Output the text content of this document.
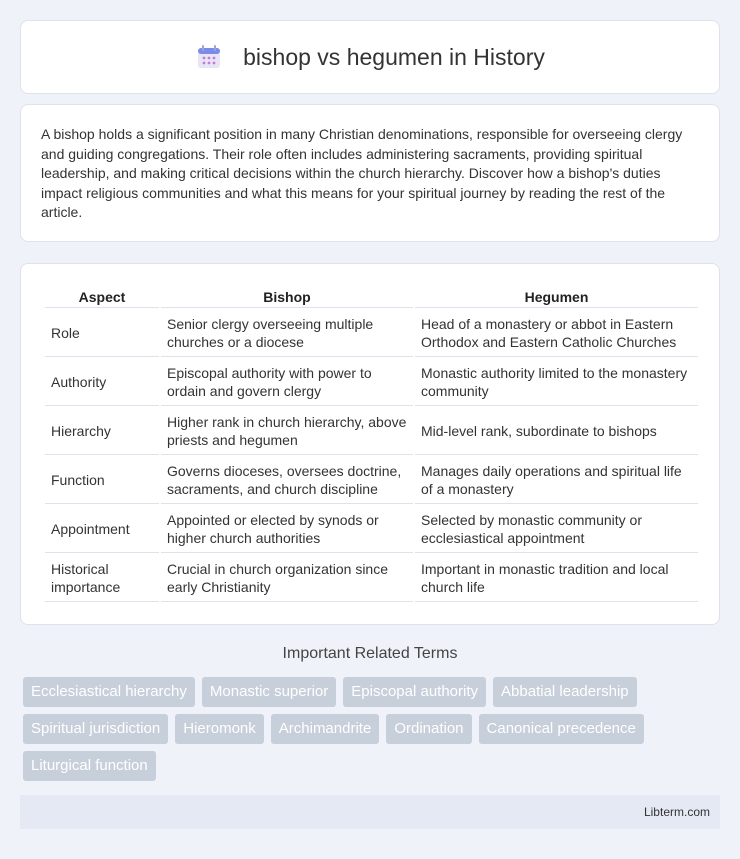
bishop vs hegumen in History

A bishop holds a significant position in many Christian denominations, responsible for overseeing clergy and guiding congregations. Their role often includes administering sacraments, providing spiritual leadership, and making critical decisions within the church hierarchy. Discover how a bishop's duties impact religious communities and what this means for your spiritual journey by reading the rest of the article.

Aspect	Bishop	Hegumen
Role	Senior clergy overseeing multiple churches or a diocese	Head of a monastery or abbot in Eastern Orthodox and Eastern Catholic Churches
Authority	Episcopal authority with power to ordain and govern clergy	Monastic authority limited to the monastery community
Hierarchy	Higher rank in church hierarchy, above priests and hegumen	Mid-level rank, subordinate to bishops
Function	Governs dioceses, oversees doctrine, sacraments, and church discipline	Manages daily operations and spiritual life of a monastery
Appointment	Appointed or elected by synods or higher church authorities	Selected by monastic community or ecclesiastical appointment
Historical importance	Crucial in church organization since early Christianity	Important in monastic tradition and local church life
Important Related Terms
Ecclesiastical hierarchy	Monastic superior	Episcopal authority	Abbatial leadership
Spiritual jurisdiction	Hieromonk	Archimandrite	Ordination	Canonical precedence
Liturgical function
Libterm.com
